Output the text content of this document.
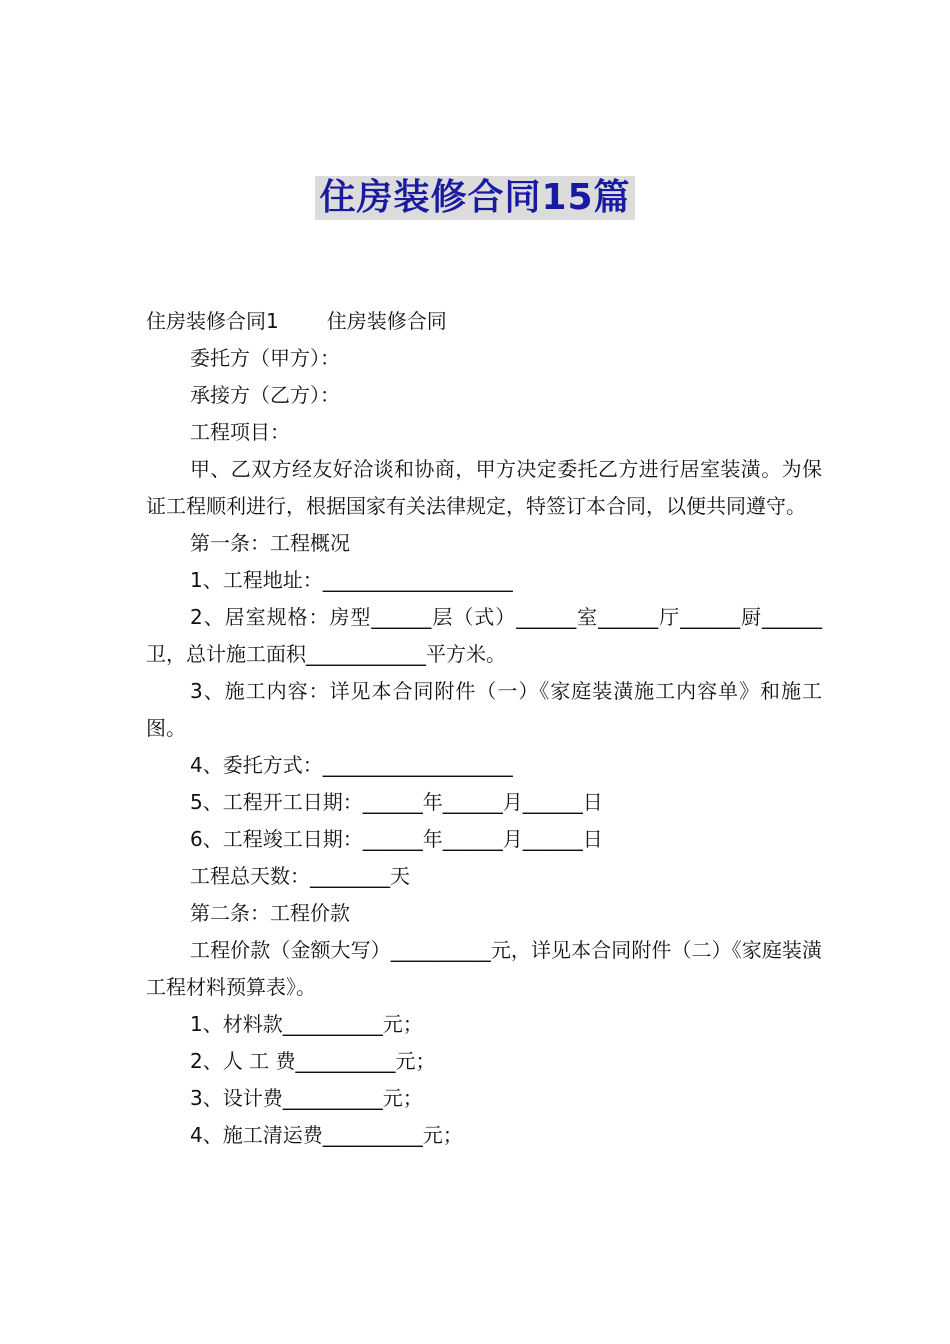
住房装修合同15篇

住房装修合同1 住房装修合同

委托方（甲方）：

承接方（乙方）：

工程项目：

甲、乙双方经友好洽谈和协商，甲方决定委托乙方进行居室装潢。为保证工程顺利进行，根据国家有关法律规定，特签订本合同，以便共同遵守。

第一条：工程概况

1、工程地址：___________________

2、居室规格：房型______层（式）______室______厅______厨______卫，总计施工面积____________平方米。

3、施工内容：详见本合同附件（一）《家庭装潢施工内容单》和施工图。

4、委托方式：___________________

5、工程开工日期：______年______月______日

6、工程竣工日期：______年______月______日

工程总天数：________天

第二条：工程价款

工程价款（金额大写）__________元，详见本合同附件（二）《家庭装潢工程材料预算表》。

1、材料款__________元；

2、人 工 费__________元；

3、设计费__________元；

4、施工清运费__________元；
